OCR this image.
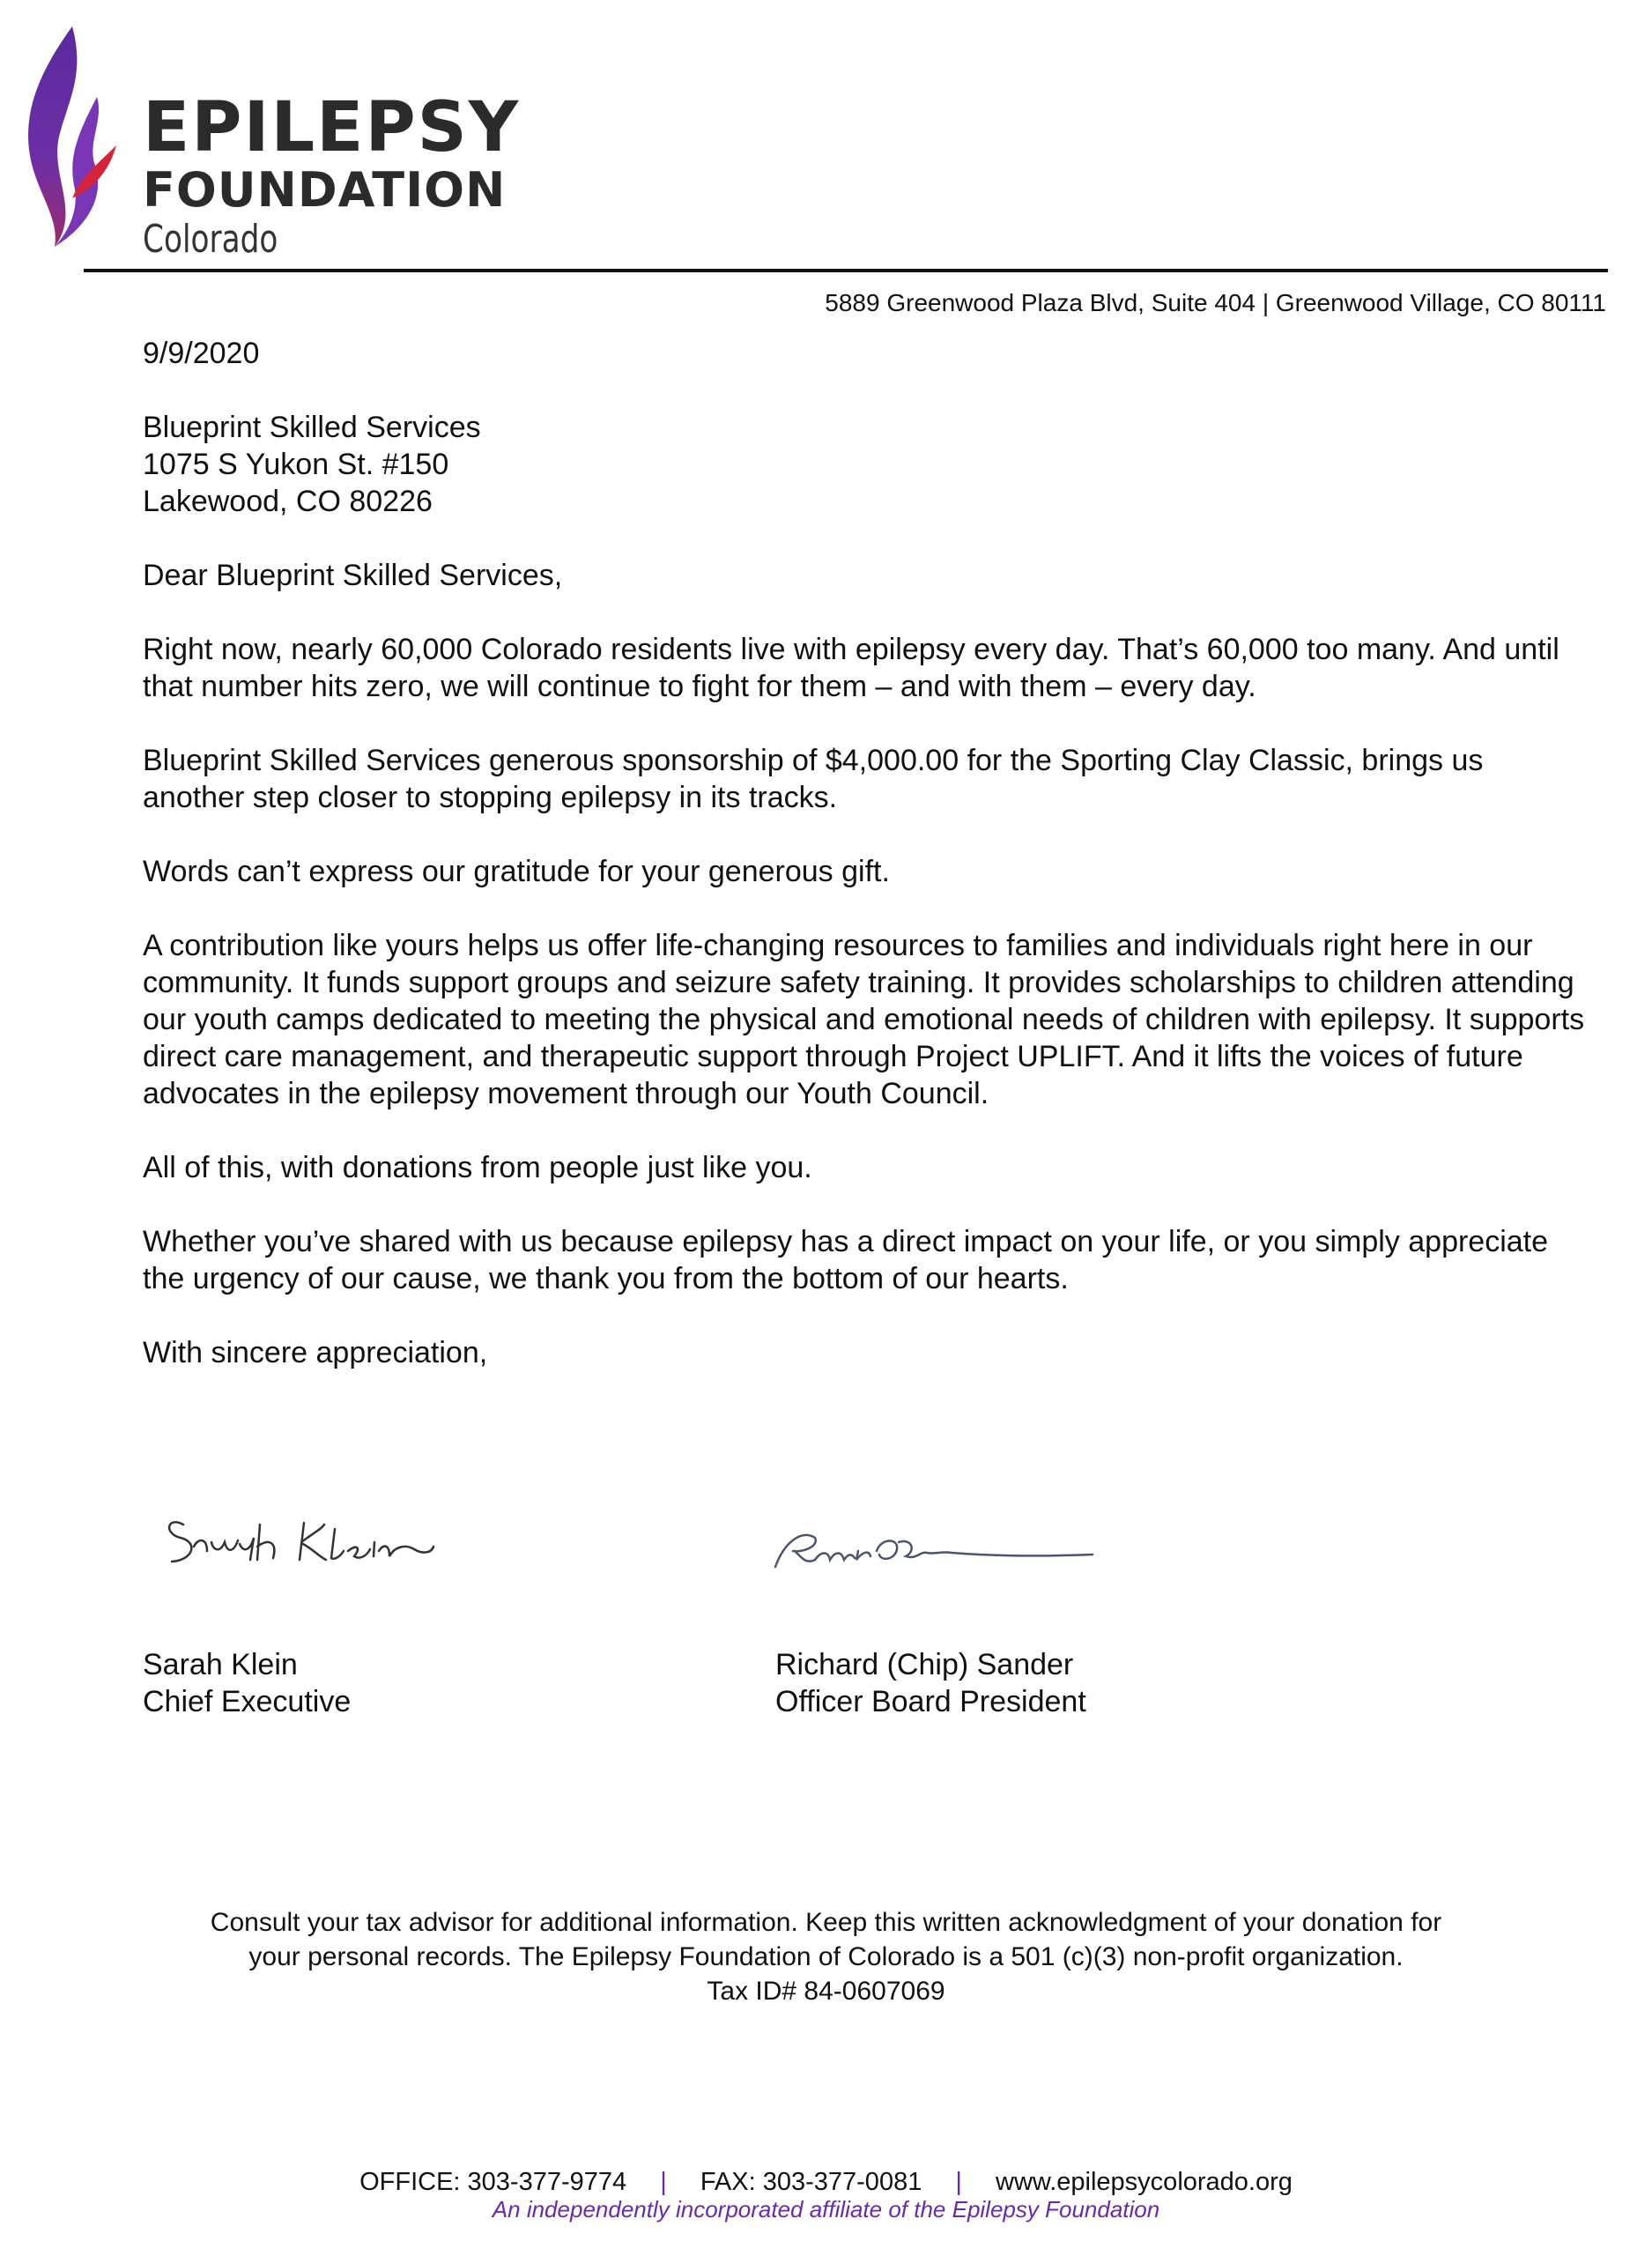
EPILEPSY
FOUNDATION
Colorado
5889 Greenwood Plaza Blvd, Suite 404 | Greenwood Village, CO 80111

9/9/2020

Blueprint Skilled Services

1075 S Yukon St. #150

Lakewood, CO 80226

Dear Blueprint Skilled Services,

Right now, nearly 60,000 Colorado residents live with epilepsy every day. That’s 60,000 too many. And until that number hits zero, we will continue to fight for them – and with them – every day.

Blueprint Skilled Services generous sponsorship of $4,000.00 for the Sporting Clay Classic, brings us another step closer to stopping epilepsy in its tracks.

Words can’t express our gratitude for your generous gift.

A contribution like yours helps us offer life-changing resources to families and individuals right here in our community. It funds support groups and seizure safety training. It provides scholarships to children attending our youth camps dedicated to meeting the physical and emotional needs of children with epilepsy. It supports direct care management, and therapeutic support through Project UPLIFT. And it lifts the voices of future advocates in the epilepsy movement through our Youth Council.

All of this, with donations from people just like you.

Whether you’ve shared with us because epilepsy has a direct impact on your life, or you simply appreciate the urgency of our cause, we thank you from the bottom of our hearts.

With sincere appreciation,

Sarah Klein
Chief Executive
Richard (Chip) Sander
Officer Board President
Consult your tax advisor for additional information. Keep this written acknowledgment of your donation for
your personal records. The Epilepsy Foundation of Colorado is a 501 (c)(3) non-profit organization.
Tax ID# 84-0607069
OFFICE: 303-377-9774 | FAX: 303-377-0081 | www.epilepsycolorado.org
An independently incorporated affiliate of the Epilepsy Foundation
